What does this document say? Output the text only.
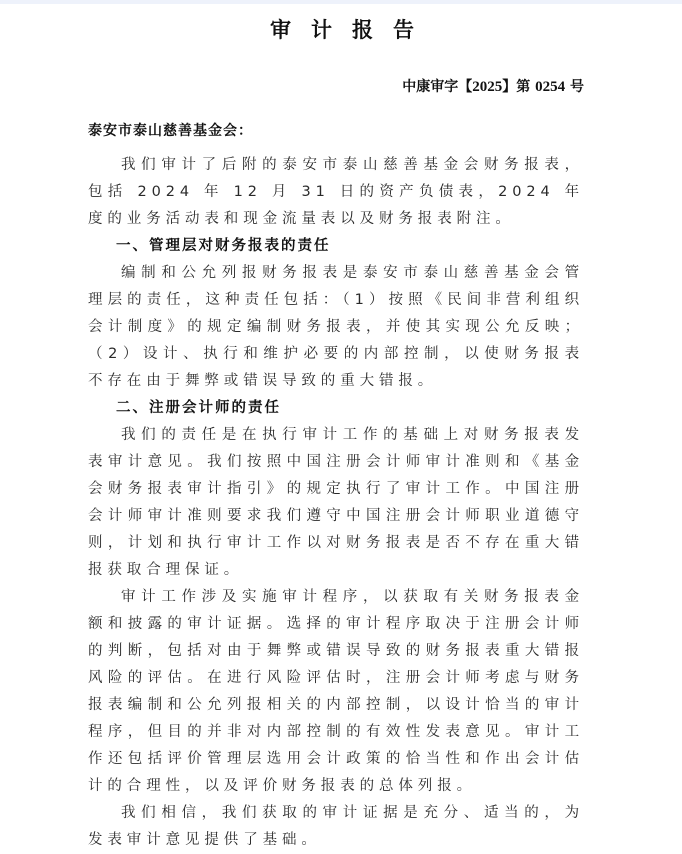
审计报告
中康审字【2025】第 0254 号
泰安市泰山慈善基金会：

我们审计了后附的泰安市泰山慈善基金会财务报表，包括 2024 年 12 月 31 日的资产负债表，2024 年度的业务活动表和现金流量表以及财务报表附注。

一、管理层对财务报表的责任

编制和公允列报财务报表是泰安市泰山慈善基金会管理层的责任，这种责任包括：（1）按照《民间非营利组织会计制度》的规定编制财务报表，并使其实现公允反映；（2）设计、执行和维护必要的内部控制，以使财务报表不存在由于舞弊或错误导致的重大错报。

二、注册会计师的责任

我们的责任是在执行审计工作的基础上对财务报表发表审计意见。我们按照中国注册会计师审计准则和《基金会财务报表审计指引》的规定执行了审计工作。中国注册会计师审计准则要求我们遵守中国注册会计师职业道德守则，计划和执行审计工作以对财务报表是否不存在重大错报获取合理保证。

审计工作涉及实施审计程序，以获取有关财务报表金额和披露的审计证据。选择的审计程序取决于注册会计师的判断，包括对由于舞弊或错误导致的财务报表重大错报风险的评估。在进行风险评估时，注册会计师考虑与财务报表编制和公允列报相关的内部控制，以设计恰当的审计程序，但目的并非对内部控制的有效性发表意见。审计工作还包括评价管理层选用会计政策的恰当性和作出会计估计的合理性，以及评价财务报表的总体列报。

我们相信，我们获取的审计证据是充分、适当的，为发表审计意见提供了基础。
